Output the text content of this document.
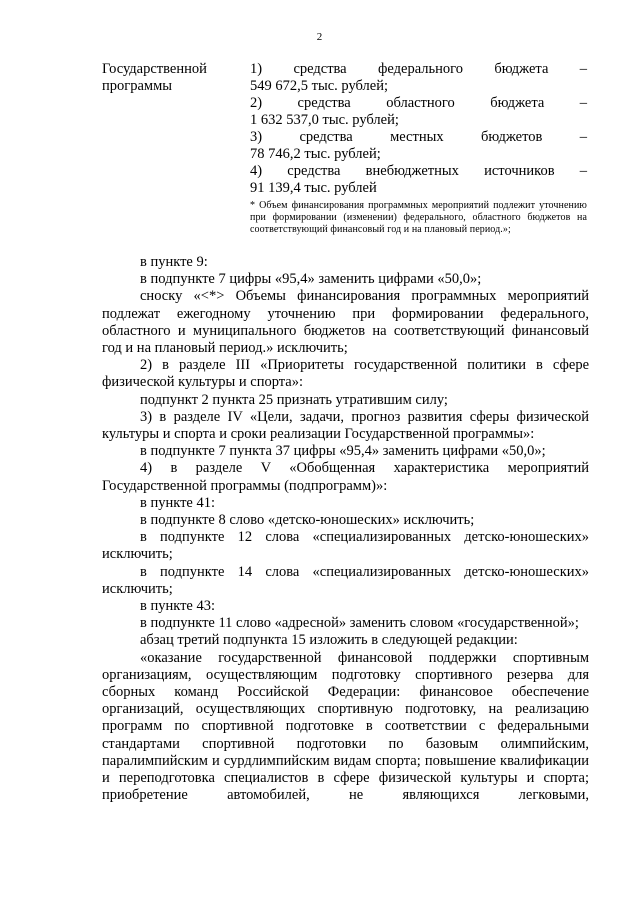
2
Государственной программы
1) средства федерального бюджета –
549 672,5 тыс. рублей;
2) средства областного бюджета –
1 632 537,0 тыс. рублей;
3) средства местных бюджетов –
78 746,2 тыс. рублей;
4) средства внебюджетных источников –
91 139,4 тыс. рублей
* Объем финансирования программных мероприятий подлежит уточнению при формировании (изменении) федерального, областного бюджетов на соответствующий финансовый год и на плановый период.»;

в пункте 9:

в подпункте 7 цифры «95,4» заменить цифрами «50,0»;

сноску «<*> Объемы финансирования программных мероприятий подлежат ежегодному уточнению при формировании федерального, областного и муниципального бюджетов на соответствующий финансовый год и на плановый период.» исключить;

2) в разделе III «Приоритеты государственной политики в сфере физической культуры и спорта»:

подпункт 2 пункта 25 признать утратившим силу;

3) в разделе IV «Цели, задачи, прогноз развития сферы физической культуры и спорта и сроки реализации Государственной программы»:

в подпункте 7 пункта 37 цифры «95,4» заменить цифрами «50,0»;

4) в разделе V «Обобщенная характеристика мероприятий Государственной программы (подпрограмм)»:

в пункте 41:

в подпункте 8 слово «детско-юношеских» исключить;

в подпункте 12 слова «специализированных детско-юношеских» исключить;

в подпункте 14 слова «специализированных детско-юношеских» исключить;

в пункте 43:

в подпункте 11 слово «адресной» заменить словом «государственной»;

абзац третий подпункта 15 изложить в следующей редакции:

«оказание государственной финансовой поддержки спортивным организациям, осуществляющим подготовку спортивного резерва для сборных команд Российской Федерации: финансовое обеспечение организаций, осуществляющих спортивную подготовку, на реализацию программ по спортивной подготовке в соответствии с федеральными стандартами спортивной подготовки по базовым олимпийским, паралимпийским и сурдлимпийским видам спорта; повышение квалификации и переподготовка специалистов в сфере физической культуры и спорта; приобретение автомобилей, не являющихся легковыми,
